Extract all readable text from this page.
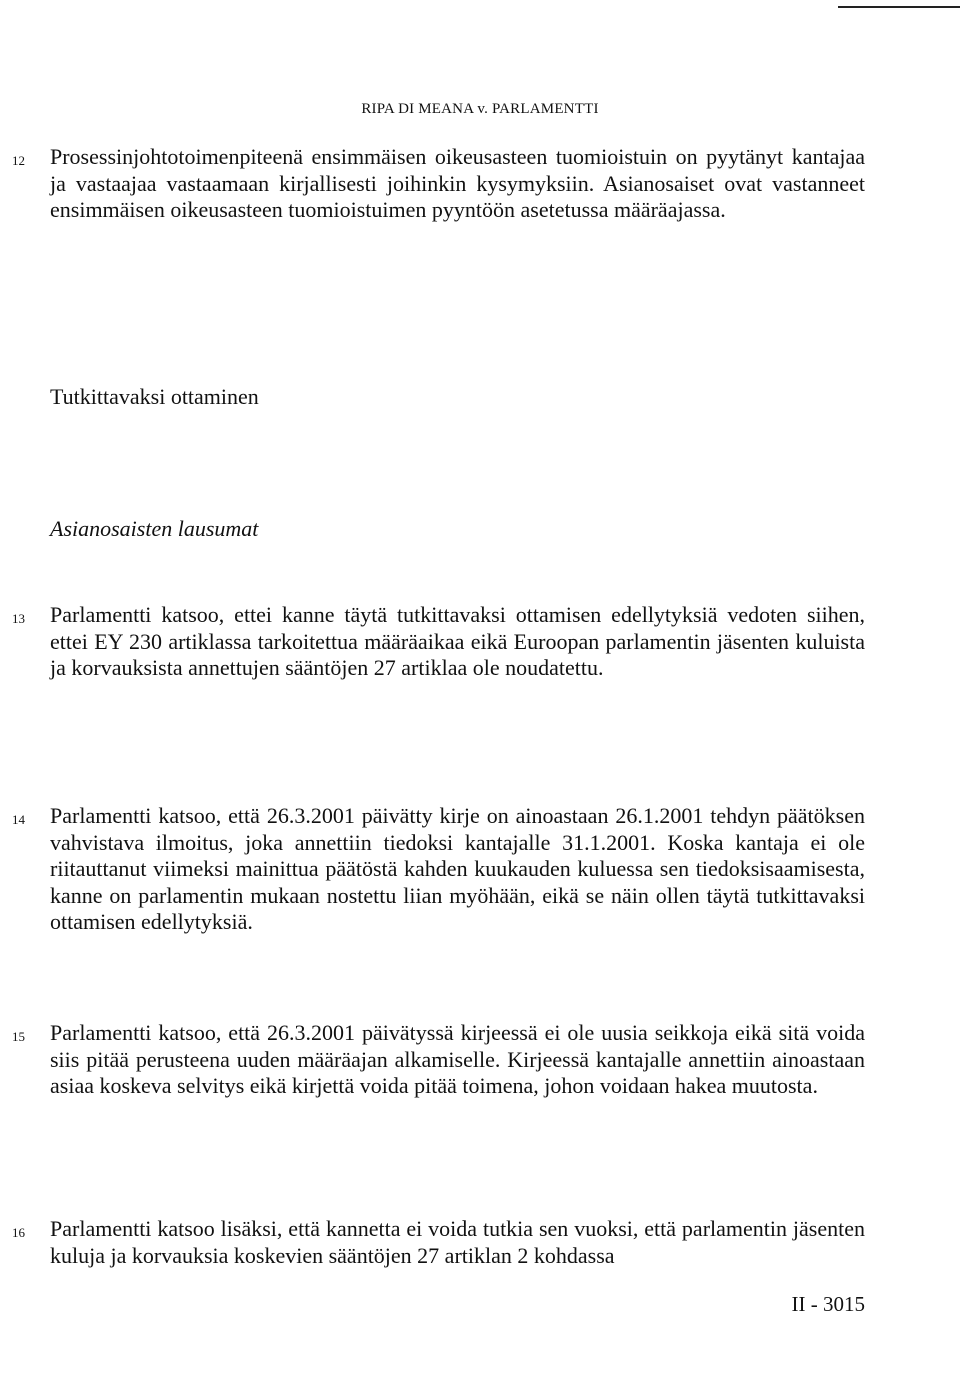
RIPA DI MEANA v. PARLAMENTTI
12 Prosessinjohtotoimenpiteenä ensimmäisen oikeusasteen tuomioistuin on pyytänyt kantajaa ja vastaajaa vastaamaan kirjallisesti joihinkin kysymyksiin. Asianosaiset ovat vastanneet ensimmäisen oikeusasteen tuomioistuimen pyyntöön asetetussa määräajassa.
Tutkittavaksi ottaminen
Asianosaisten lausumat
13 Parlamentti katsoo, ettei kanne täytä tutkittavaksi ottamisen edellytyksiä vedoten siihen, ettei EY 230 artiklassa tarkoitettua määräaikaa eikä Euroopan parlamentin jäsenten kuluista ja korvauksista annettujen sääntöjen 27 artiklaa ole noudatettu.
14 Parlamentti katsoo, että 26.3.2001 päivätty kirje on ainoastaan 26.1.2001 tehdyn päätöksen vahvistava ilmoitus, joka annettiin tiedoksi kantajalle 31.1.2001. Koska kantaja ei ole riitauttanut viimeksi mainittua päätöstä kahden kuukauden kuluessa sen tiedoksisaamisesta, kanne on parlamentin mukaan nostettu liian myöhään, eikä se näin ollen täytä tutkittavaksi ottamisen edellytyksiä.
15 Parlamentti katsoo, että 26.3.2001 päivätyssä kirjeessä ei ole uusia seikkoja eikä sitä voida siis pitää perusteena uuden määräajan alkamiselle. Kirjeessä kantajalle annettiin ainoastaan asiaa koskeva selvitys eikä kirjettä voida pitää toimena, johon voidaan hakea muutosta.
16 Parlamentti katsoo lisäksi, että kannetta ei voida tutkia sen vuoksi, että parlamentin jäsenten kuluja ja korvauksia koskevien sääntöjen 27 artiklan 2 kohdassa
II - 3015
